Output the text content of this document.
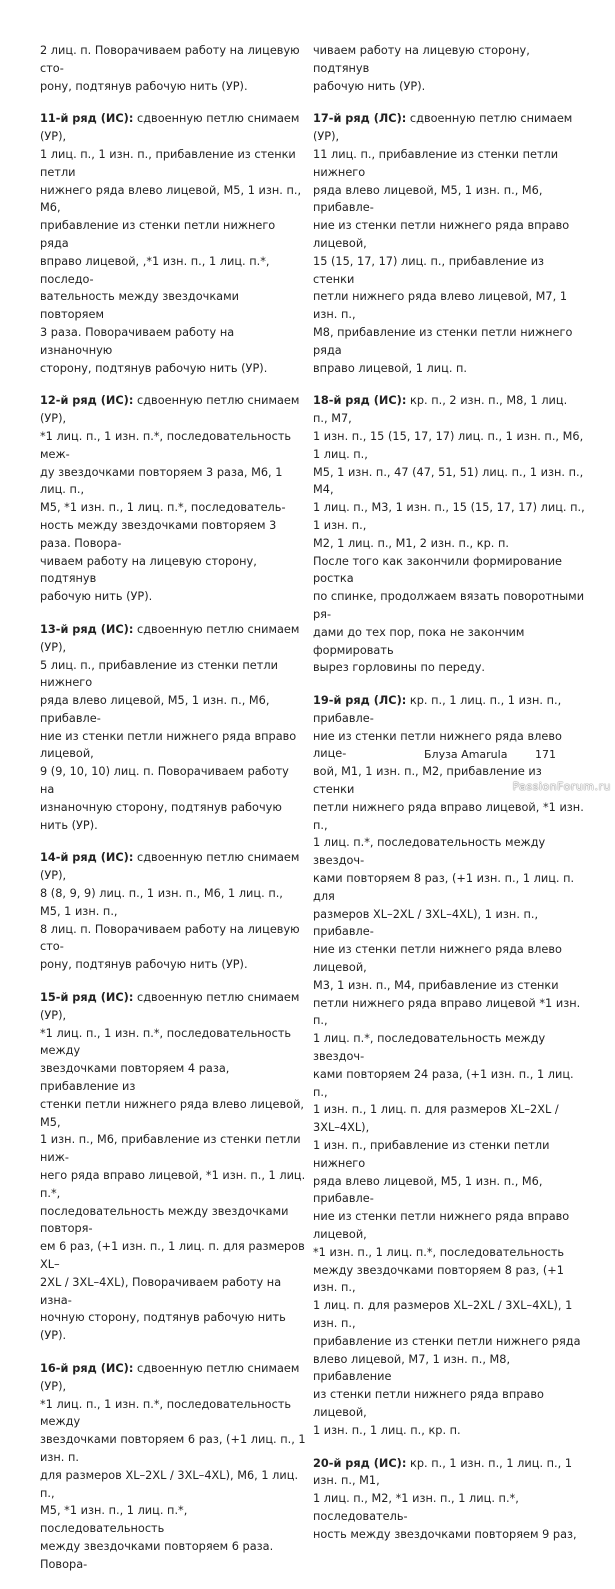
2 лиц. п. Поворачиваем работу на лицевую сто-
рону, подтянув рабочую нить (УР).

11-й ряд (ИС): сдвоенную петлю снимаем (УР),
1 лиц. п., 1 изн. п., прибавление из стенки петли
нижнего ряда влево лицевой, М5, 1 изн. п., М6,
прибавление из стенки петли нижнего ряда
вправо лицевой, ,*1 изн. п., 1 лиц. п.*, последо-
вательность между звездочками повторяем
3 раза. Поворачиваем работу на изнаночную
сторону, подтянув рабочую нить (УР).

12-й ряд (ИС): сдвоенную петлю снимаем (УР),
*1 лиц. п., 1 изн. п.*, последовательность меж-
ду звездочками повторяем 3 раза, М6, 1 лиц. п.,
М5, *1 изн. п., 1 лиц. п.*, последователь-
ность между звездочками повторяем 3 раза. Повора-
чиваем работу на лицевую сторону, подтянув
рабочую нить (УР).

13-й ряд (ИС): сдвоенную петлю снимаем (УР),
5 лиц. п., прибавление из стенки петли нижнего
ряда влево лицевой, М5, 1 изн. п., М6, прибавле-
ние из стенки петли нижнего ряда вправо лицевой,
9 (9, 10, 10) лиц. п. Поворачиваем работу на
изнаночную сторону, подтянув рабочую нить (УР).

14-й ряд (ИС): сдвоенную петлю снимаем (УР),
8 (8, 9, 9) лиц. п., 1 изн. п., М6, 1 лиц. п., М5, 1 изн. п.,
8 лиц. п. Поворачиваем работу на лицевую сто-
рону, подтянув рабочую нить (УР).

15-й ряд (ИС): сдвоенную петлю снимаем (УР),
*1 лиц. п., 1 изн. п.*, последовательность между
звездочками повторяем 4 раза, прибавление из
стенки петли нижнего ряда влево лицевой, М5,
1 изн. п., М6, прибавление из стенки петли ниж-
него ряда вправо лицевой, *1 изн. п., 1 лиц. п.*,
последовательность между звездочками повторя-
ем 6 раз, (+1 изн. п., 1 лиц. п. для размеров XL–
2XL / 3XL–4XL), Поворачиваем работу на изна-
ночную сторону, подтянув рабочую нить (УР).

16-й ряд (ИС): сдвоенную петлю снимаем (УР),
*1 лиц. п., 1 изн. п.*, последовательность между
звездочками повторяем 6 раз, (+1 лиц. п., 1 изн. п.
для размеров XL–2XL / 3XL–4XL), М6, 1 лиц. п.,
М5, *1 изн. п., 1 лиц. п.*, последовательность
между звездочками повторяем 6 раза. Повора-

чиваем работу на лицевую сторону, подтянув
рабочую нить (УР).

17-й ряд (ЛС): сдвоенную петлю снимаем (УР),
11 лиц. п., прибавление из стенки петли нижнего
ряда влево лицевой, М5, 1 изн. п., М6, прибавле-
ние из стенки петли нижнего ряда вправо лицевой,
15 (15, 17, 17) лиц. п., прибавление из стенки
петли нижнего ряда влево лицевой, М7, 1 изн. п.,
М8, прибавление из стенки петли нижнего ряда
вправо лицевой, 1 лиц. п.

18-й ряд (ИС): кр. п., 2 изн. п., М8, 1 лиц. п., М7,
1 изн. п., 15 (15, 17, 17) лиц. п., 1 изн. п., М6, 1 лиц. п.,
М5, 1 изн. п., 47 (47, 51, 51) лиц. п., 1 изн. п., М4,
1 лиц. п., М3, 1 изн. п., 15 (15, 17, 17) лиц. п., 1 изн. п.,
М2, 1 лиц. п., М1, 2 изн. п., кр. п.
После того как закончили формирование ростка
по спинке, продолжаем вязать поворотными ря-
дами до тех пор, пока не закончим формировать
вырез горловины по переду.

19-й ряд (ЛС): кр. п., 1 лиц. п., 1 изн. п., прибавле-
ние из стенки петли нижнего ряда влево лице-
вой, М1, 1 изн. п., М2, прибавление из стенки
петли нижнего ряда вправо лицевой, *1 изн. п.,
1 лиц. п.*, последовательность между звездоч-
ками повторяем 8 раз, (+1 изн. п., 1 лиц. п. для
размеров XL–2XL / 3XL–4XL), 1 изн. п., прибавле-
ние из стенки петли нижнего ряда влево лицевой,
М3, 1 изн. п., М4, прибавление из стенки
петли нижнего ряда вправо лицевой *1 изн. п.,
1 лиц. п.*, последовательность между звездоч-
ками повторяем 24 раза, (+1 изн. п., 1 лиц. п.,
1 изн. п., 1 лиц. п. для размеров XL–2XL / 3XL–4XL),
1 изн. п., прибавление из стенки петли нижнего
ряда влево лицевой, М5, 1 изн. п., М6, прибавле-
ние из стенки петли нижнего ряда вправо лицевой,
*1 изн. п., 1 лиц. п.*, последовательность
между звездочками повторяем 8 раз, (+1 изн. п.,
1 лиц. п. для размеров XL–2XL / 3XL–4XL), 1 изн. п.,
прибавление из стенки петли нижнего ряда
влево лицевой, М7, 1 изн. п., М8, прибавление
из стенки петли нижнего ряда вправо лицевой,
1 изн. п., 1 лиц. п., кр. п.

20-й ряд (ИС): кр. п., 1 изн. п., 1 лиц. п., 1 изн. п., М1,
1 лиц. п., М2, *1 изн. п., 1 лиц. п.*, последователь-
ность между звездочками повторяем 9 раз,

Блуза Amarula	171
PassionForum.ru
